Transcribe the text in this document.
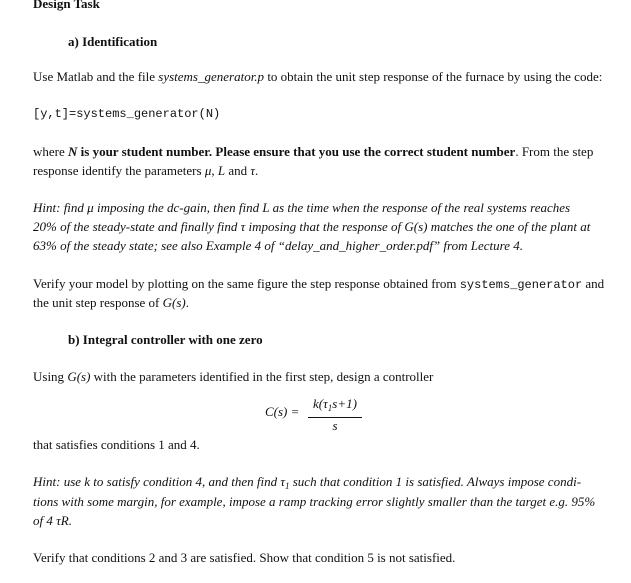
Design Task
a) Identification
Use Matlab and the file systems_generator.p to obtain the unit step response of the furnace by using the code:
[y,t]=systems_generator(N)
where N is your student number. Please ensure that you use the correct student number. From the step
response identify the parameters μ, L and τ.
Hint: find μ imposing the dc-gain, then find L as the time when the response of the real systems reaches
20% of the steady-state and finally find τ imposing that the response of G(s) matches the one of the plant at
63% of the steady state; see also Example 4 of “delay_and_higher_order.pdf” from Lecture 4.
Verify your model by plotting on the same figure the step response obtained from systems_generator and
the unit step response of G(s).
b) Integral controller with one zero
Using G(s) with the parameters identified in the first step, design a controller
C(s) =
$k(\tau_1s+1)$
s
that satisfies conditions 1 and 4.
Hint: use k to satisfy condition 4, and then find $\tau_1$ such that condition 1 is satisfied. Always impose condi-
tions with some margin, for example, impose a ramp tracking error slightly smaller than the target e.g. 95%
of 4 τR.
Verify that conditions 2 and 3 are satisfied. Show that condition 5 is not satisfied.
